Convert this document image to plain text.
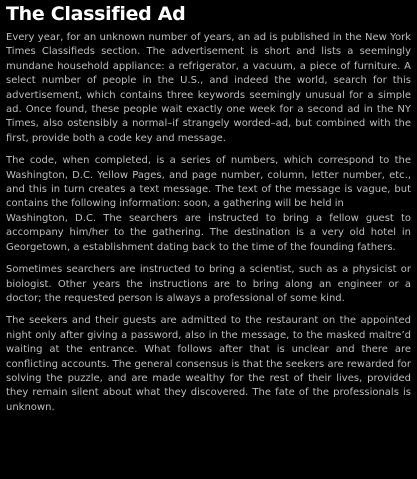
The Classified Ad

Every year, for an unknown number of years, an ad is published in the New York Times Classifieds section. The advertisement is short and lists a seemingly mundane household appliance: a refrigerator, a vacuum, a piece of furniture. A select number of people in the U.S., and indeed the world, search for this advertisement, which contains three keywords seemingly unusual for a simple ad. Once found, these people wait exactly one week for a second ad in the NY Times, also ostensibly a normal–if strangely worded–ad, but combined with the first, provide both a code key and message.

The code, when completed, is a series of numbers, which correspond to the Washington, D.C. Yellow Pages, and page number, column, letter number, etc., and this in turn creates a text message. The text of the message is vague, but contains the following information: soon, a gathering will be held in
Washington, D.C. The searchers are instructed to bring a fellow guest to accompany him/her to the gathering. The destination is a very old hotel in Georgetown, a establishment dating back to the time of the founding fathers.

Sometimes searchers are instructed to bring a scientist, such as a physicist or biologist. Other years the instructions are to bring along an engineer or a doctor; the requested person is always a professional of some kind.

The seekers and their guests are admitted to the restaurant on the appointed night only after giving a password, also in the message, to the masked maitre’d waiting at the entrance. What follows after that is unclear and there are conflicting accounts. The general consensus is that the seekers are rewarded for solving the puzzle, and are made wealthy for the rest of their lives, provided they remain silent about what they discovered. The fate of the professionals is unknown.
